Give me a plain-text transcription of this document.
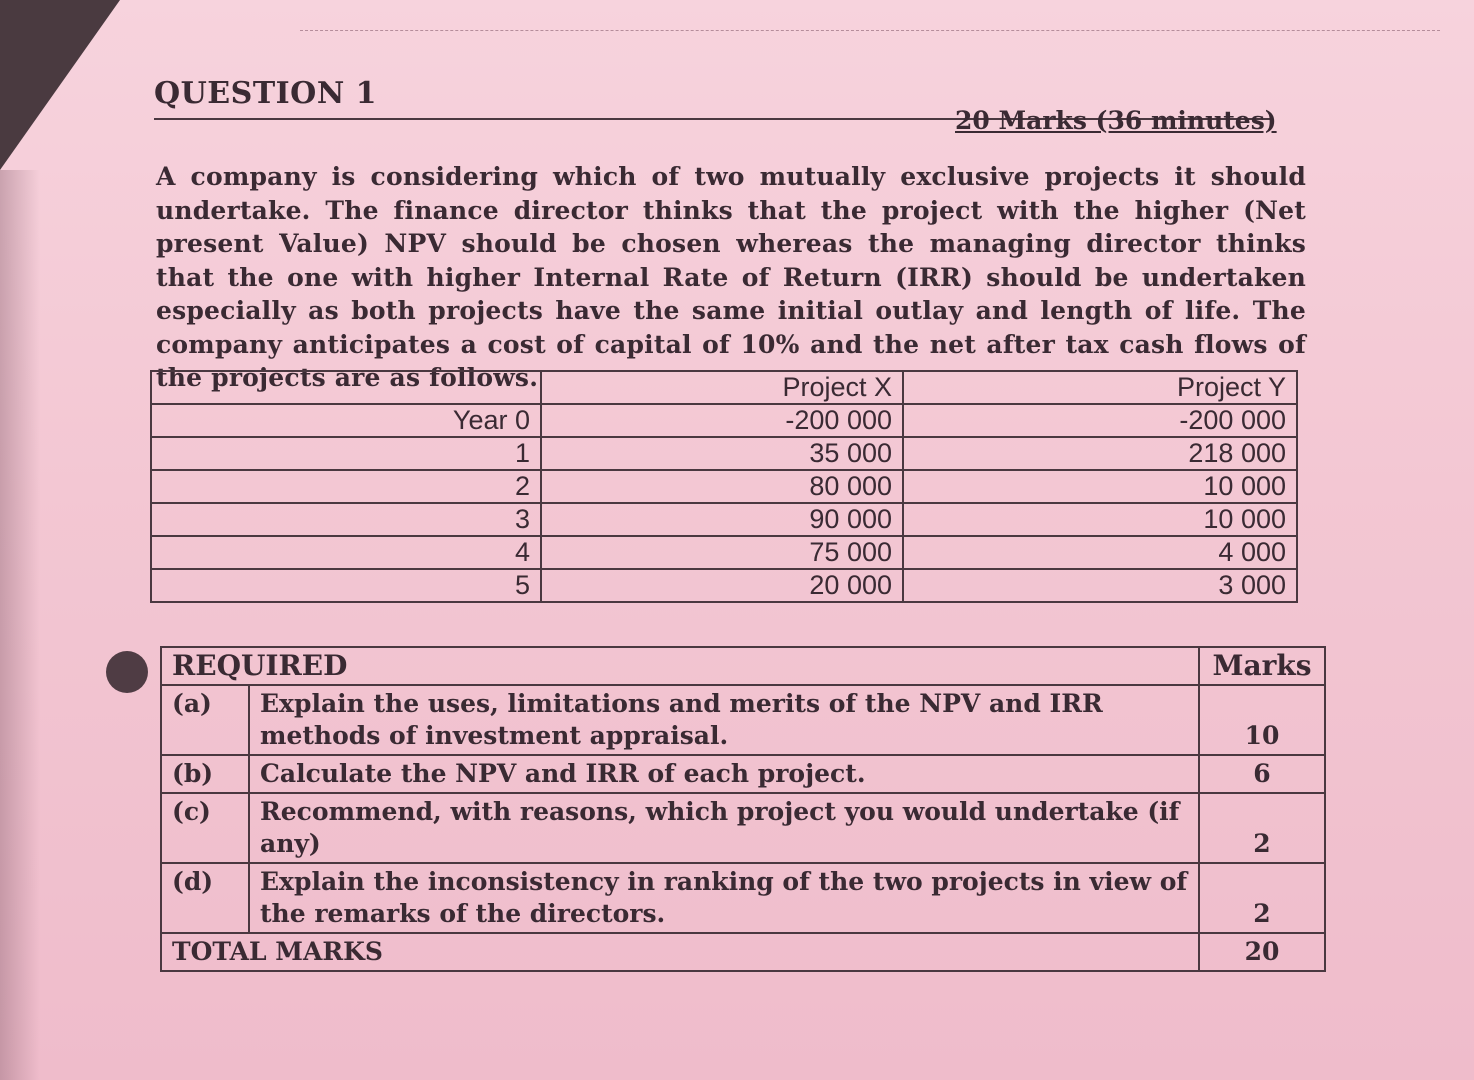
QUESTION 1
20 Marks (36 minutes)
A company is considering which of two mutually exclusive projects it should undertake. The finance director thinks that the project with the higher (Net present Value) NPV should be chosen whereas the managing director thinks that the one with higher Internal Rate of Return (IRR) should be undertaken especially as both projects have the same initial outlay and length of life. The company anticipates a cost of capital of 10% and the net after tax cash flows of the projects are as follows.
		Project X	Project Y
Year 0	-200 000	-200 000
1	35 000	218 000
2	80 000	10 000
3	90 000	10 000
4	75 000	4 000
5	20 000	3 000
REQUIRED		Marks
(a)	Explain the uses, limitations and merits of the NPV and IRR methods of investment appraisal.	10
(b)	Calculate the NPV and IRR of each project.	6
(c)	Recommend, with reasons, which project you would undertake (if any)	2
(d)	Explain the inconsistency in ranking of the two projects in view of the remarks of the directors.	2
TOTAL MARKS		20
